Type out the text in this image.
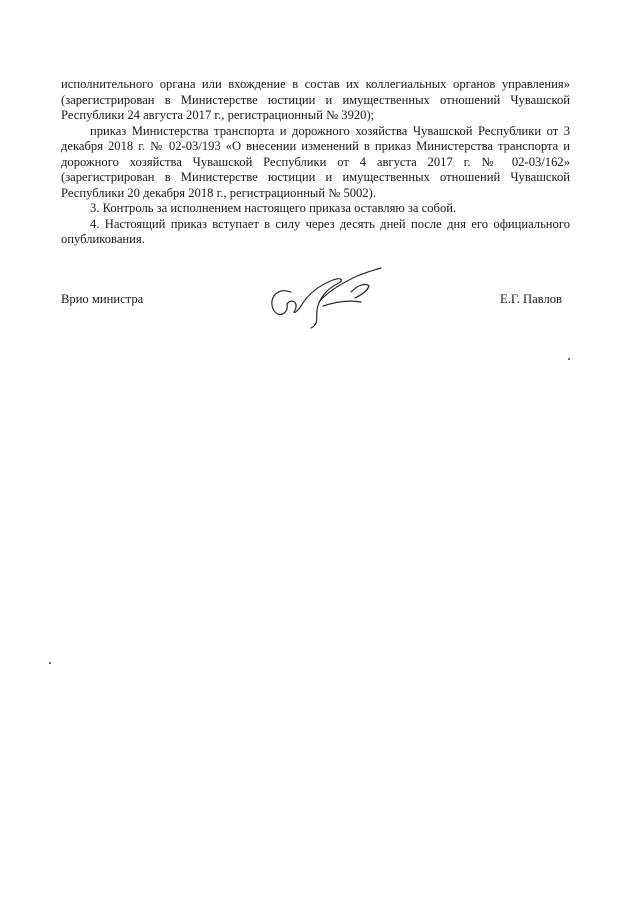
исполнительного органа или вхождение в состав их коллегиальных органов управления» (зарегистрирован в Министерстве юстиции и имущественных отношений Чувашской Республики 24 августа 2017 г., регистрационный № 3920);

приказ Министерства транспорта и дорожного хозяйства Чувашской Республики от 3 декабря 2018 г. № 02-03/193 «О внесении изменений в приказ Министерства транспорта и дорожного хозяйства Чувашской Республики от 4 августа 2017 г. № 02-03/162» (зарегистрирован в Министерстве юстиции и имущественных отношений Чувашской Республики 20 декабря 2018 г., регистрационный № 5002).

3. Контроль за исполнением настоящего приказа оставляю за собой.

4. Настоящий приказ вступает в силу через десять дней после дня его официального опубликования.

Врио министра	Е.Г. Павлов
